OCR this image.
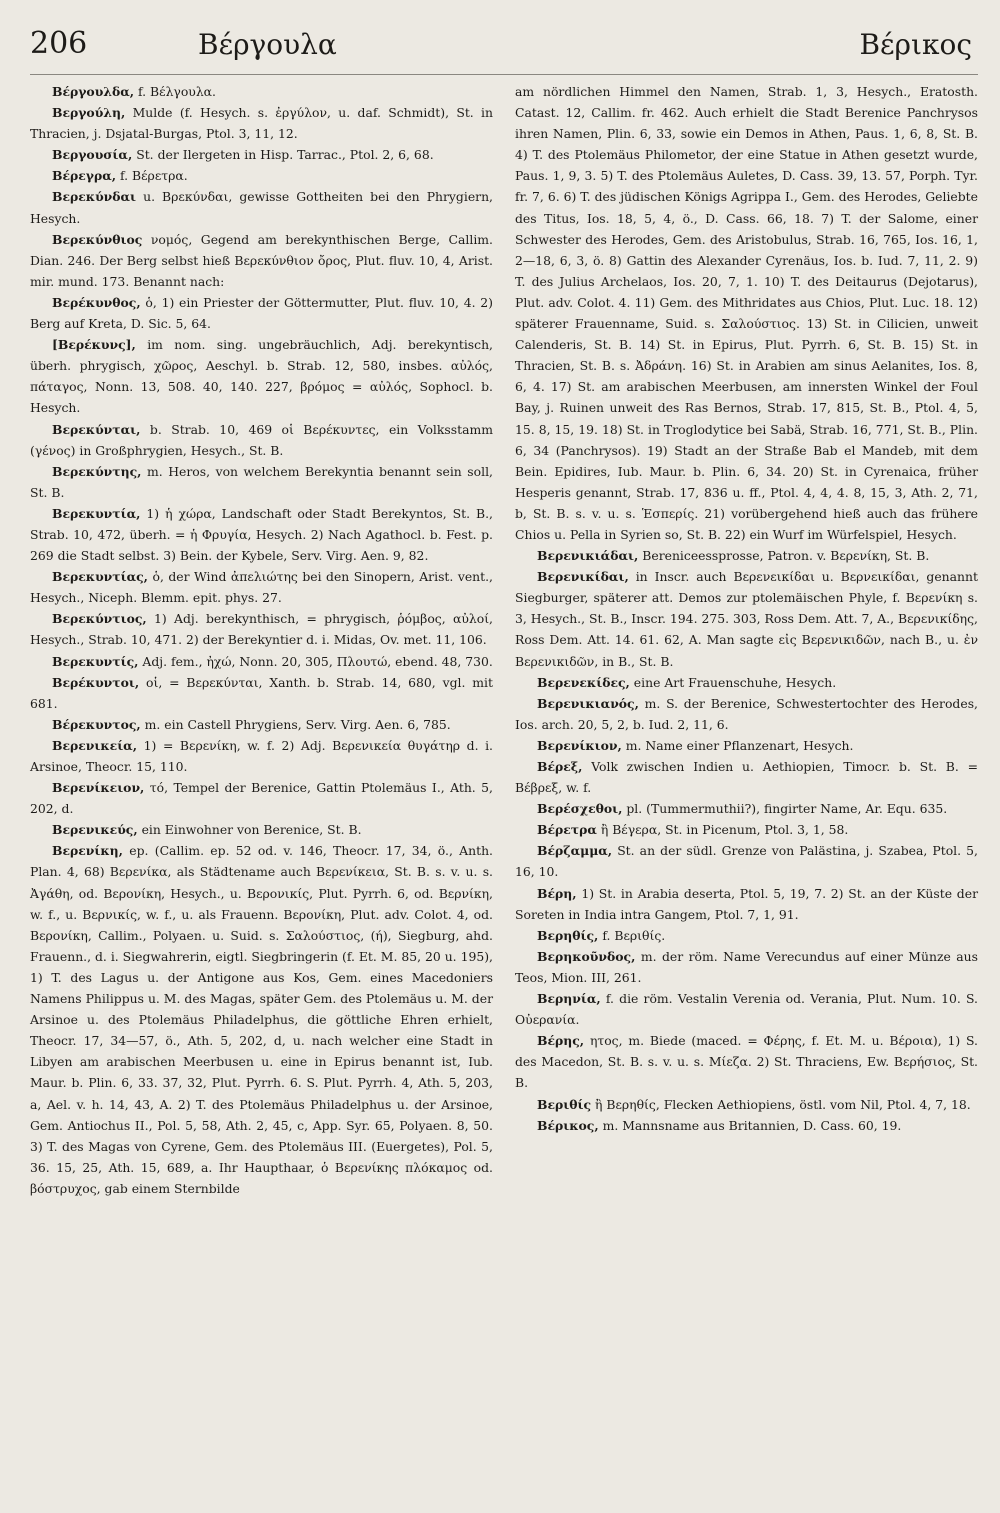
206	Βέργουλα	Βέρικος

Βέργουλδα, f. Βέλγουλα.

Βεργούλη, Mulde (f. Hesych. s. ἐργύλον, u. daf. Schmidt), St. in Thracien, j. Dsjatal-Burgas, Ptol. 3, 11, 12.

Βεργουσία, St. der Ilergeten in Hisp. Tarrac., Ptol. 2, 6, 68.

Βέρεγρα, f. Βέρετρα.

Βερεκύνδαι u. Βρεκύνδαι, gewisse Gottheiten bei den Phrygiern, Hesych.

Βερεκύνθιος νομός, Gegend am berekynthischen Berge, Callim. Dian. 246. Der Berg selbst hieß Βερεκύνθιον ὄρος, Plut. fluv. 10, 4, Arist. mir. mund. 173. Benannt nach:

Βερέκυνθος, ὁ, 1) ein Priester der Göttermutter, Plut. fluv. 10, 4. 2) Berg auf Kreta, D. Sic. 5, 64.

[Βερέκυνς], im nom. sing. ungebräuchlich, Adj. berekyntisch, überh. phrygisch, χῶρος, Aeschyl. b. Strab. 12, 580, insbes. αὐλός, πάταγος, Nonn. 13, 508. 40, 140. 227, βρόμος = αὐλός, Sophocl. b. Hesych.

Βερεκύνται, b. Strab. 10, 469 οἱ Βερέκυντες, ein Volksstamm (γένος) in Großphrygien, Hesych., St. B.

Βερεκύντης, m. Heros, von welchem Berekyntia benannt sein soll, St. B.

Βερεκυντία, 1) ἡ χώρα, Landschaft oder Stadt Berekyntos, St. B., Strab. 10, 472, überh. = ἡ Φρυγία, Hesych. 2) Nach Agathocl. b. Fest. p. 269 die Stadt selbst. 3) Bein. der Kybele, Serv. Virg. Aen. 9, 82.

Βερεκυντίας, ὁ, der Wind ἀπελιώτης bei den Sinopern, Arist. vent., Hesych., Niceph. Blemm. epit. phys. 27.

Βερεκύντιος, 1) Adj. berekynthisch, = phrygisch, ῥόμβος, αὐλοί, Hesych., Strab. 10, 471. 2) der Berekyntier d. i. Midas, Ov. met. 11, 106.

Βερεκυντίς, Adj. fem., ἠχώ, Nonn. 20, 305, Πλουτώ, ebend. 48, 730.

Βερέκυντοι, οἱ, = Βερεκύνται, Xanth. b. Strab. 14, 680, vgl. mit 681.

Βέρεκυντος, m. ein Castell Phrygiens, Serv. Virg. Aen. 6, 785.

Βερενικεία, 1) = Βερενίκη, w. f. 2) Adj. Βερενικεία θυγάτηρ d. i. Arsinoe, Theocr. 15, 110.

Βερενίκειον, τό, Tempel der Berenice, Gattin Ptolemäus I., Ath. 5, 202, d.

Βερενικεύς, ein Einwohner von Berenice, St. B.

Βερενίκη, ep. (Callim. ep. 52 od. v. 146, Theocr. 17, 34, ö., Anth. Plan. 4, 68) Βερενίκα, als Städtename auch Βερενίκεια, St. B. s. v. u. s. Ἀγάθη, od. Βερονίκη, Hesych., u. Βερονικίς, Plut. Pyrrh. 6, od. Βερνίκη, w. f., u. Βερνικίς, w. f., u. als Frauenn. Βερονίκη, Plut. adv. Colot. 4, od. Βερονίκη, Callim., Polyaen. u. Suid. s. Σαλούστιος, (ή), Siegburg, ahd. Frauenn., d. i. Siegwahrerin, eigtl. Siegbringerin (f. Et. M. 85, 20 u. 195), 1) T. des Lagus u. der Antigone aus Kos, Gem. eines Macedoniers Namens Philippus u. M. des Magas, später Gem. des Ptolemäus u. M. der Arsinoe u. des Ptolemäus Philadelphus, die göttliche Ehren erhielt, Theocr. 17, 34—57, ö., Ath. 5, 202, d, u. nach welcher eine Stadt in Libyen am arabischen Meerbusen u. eine in Epirus benannt ist, Iub. Maur. b. Plin. 6, 33. 37, 32, Plut. Pyrrh. 6. S. Plut. Pyrrh. 4, Ath. 5, 203, a, Ael. v. h. 14, 43, A. 2) T. des Ptolemäus Philadelphus u. der Arsinoe, Gem. Antiochus II., Pol. 5, 58, Ath. 2, 45, c, App. Syr. 65, Polyaen. 8, 50. 3) T. des Magas von Cyrene, Gem. des Ptolemäus III. (Euergetes), Pol. 5, 36. 15, 25, Ath. 15, 689, a. Ihr Haupthaar, ὁ Βερενίκης πλόκαμος od. βόστρυχος, gab einem Sternbilde

am nördlichen Himmel den Namen, Strab. 1, 3, Hesych., Eratosth. Catast. 12, Callim. fr. 462. Auch erhielt die Stadt Berenice Panchrysos ihren Namen, Plin. 6, 33, sowie ein Demos in Athen, Paus. 1, 6, 8, St. B. 4) T. des Ptolemäus Philometor, der eine Statue in Athen gesetzt wurde, Paus. 1, 9, 3. 5) T. des Ptolemäus Auletes, D. Cass. 39, 13. 57, Porph. Tyr. fr. 7, 6. 6) T. des jüdischen Königs Agrippa I., Gem. des Herodes, Geliebte des Titus, Ios. 18, 5, 4, ö., D. Cass. 66, 18. 7) T. der Salome, einer Schwester des Herodes, Gem. des Aristobulus, Strab. 16, 765, Ios. 16, 1, 2—18, 6, 3, ö. 8) Gattin des Alexander Cyrenäus, Ios. b. Iud. 7, 11, 2. 9) T. des Julius Archelaos, Ios. 20, 7, 1. 10) T. des Deitaurus (Dejotarus), Plut. adv. Colot. 4. 11) Gem. des Mithridates aus Chios, Plut. Luc. 18. 12) späterer Frauenname, Suid. s. Σαλούστιος. 13) St. in Cilicien, unweit Calenderis, St. B. 14) St. in Epirus, Plut. Pyrrh. 6, St. B. 15) St. in Thracien, St. B. s. Ἀδράνη. 16) St. in Arabien am sinus Aelanites, Ios. 8, 6, 4. 17) St. am arabischen Meerbusen, am innersten Winkel der Foul Bay, j. Ruinen unweit des Ras Bernos, Strab. 17, 815, St. B., Ptol. 4, 5, 15. 8, 15, 19. 18) St. in Troglodytice bei Sabä, Strab. 16, 771, St. B., Plin. 6, 34 (Panchrysos). 19) Stadt an der Straße Bab el Mandeb, mit dem Bein. Epidires, Iub. Maur. b. Plin. 6, 34. 20) St. in Cyrenaica, früher Hesperis genannt, Strab. 17, 836 u. ff., Ptol. 4, 4, 4. 8, 15, 3, Ath. 2, 71, b, St. B. s. v. u. s. Ἑσπερίς. 21) vorübergehend hieß auch das frühere Chios u. Pella in Syrien so, St. B. 22) ein Wurf im Würfelspiel, Hesych.

Βερενικιάδαι, Bereniceessprosse, Patron. v. Βερενίκη, St. B.

Βερενικίδαι, in Inscr. auch Βερενεικίδαι u. Βερνεικίδαι, genannt Siegburger, späterer att. Demos zur ptolemäischen Phyle, f. Βερενίκη s. 3, Hesych., St. B., Inscr. 194. 275. 303, Ross Dem. Att. 7, A., Βερενικίδης, Ross Dem. Att. 14. 61. 62, A. Man sagte εἰς Βερενικιδῶν, nach B., u. ἐν Βερενικιδῶν, in B., St. B.

Βερενεκίδες, eine Art Frauenschuhe, Hesych.

Βερενικιανός, m. S. der Berenice, Schwestertochter des Herodes, Ios. arch. 20, 5, 2, b. Iud. 2, 11, 6.

Βερενίκιον, m. Name einer Pflanzenart, Hesych.

Βέρεξ, Volk zwischen Indien u. Aethiopien, Timocr. b. St. B. = Βέβρεξ, w. f.

Βερέσχεθοι, pl. (Tummermuthii?), fingirter Name, Ar. Equ. 635.

Βέρετρα ἢ Βέγερα, St. in Picenum, Ptol. 3, 1, 58.

Βέρζαμμα, St. an der südl. Grenze von Palästina, j. Szabea, Ptol. 5, 16, 10.

Βέρη, 1) St. in Arabia deserta, Ptol. 5, 19, 7. 2) St. an der Küste der Soreten in India intra Gangem, Ptol. 7, 1, 91.

Βερηθίς, f. Βεριθίς.

Βερηκοῦνδος, m. der röm. Name Verecundus auf einer Münze aus Teos, Mion. III, 261.

Βερηνία, f. die röm. Vestalin Verenia od. Verania, Plut. Num. 10. S. Οὐερανία.

Βέρης, ητος, m. Biede (maced. = Φέρης, f. Et. M. u. Βέροια), 1) S. des Macedon, St. B. s. v. u. s. Μίεζα. 2) St. Thraciens, Ew. Βερήσιος, St. B.

Βεριθίς ἢ Βερηθίς, Flecken Aethiopiens, östl. vom Nil, Ptol. 4, 7, 18.

Βέρικος, m. Mannsname aus Britannien, D. Cass. 60, 19.
